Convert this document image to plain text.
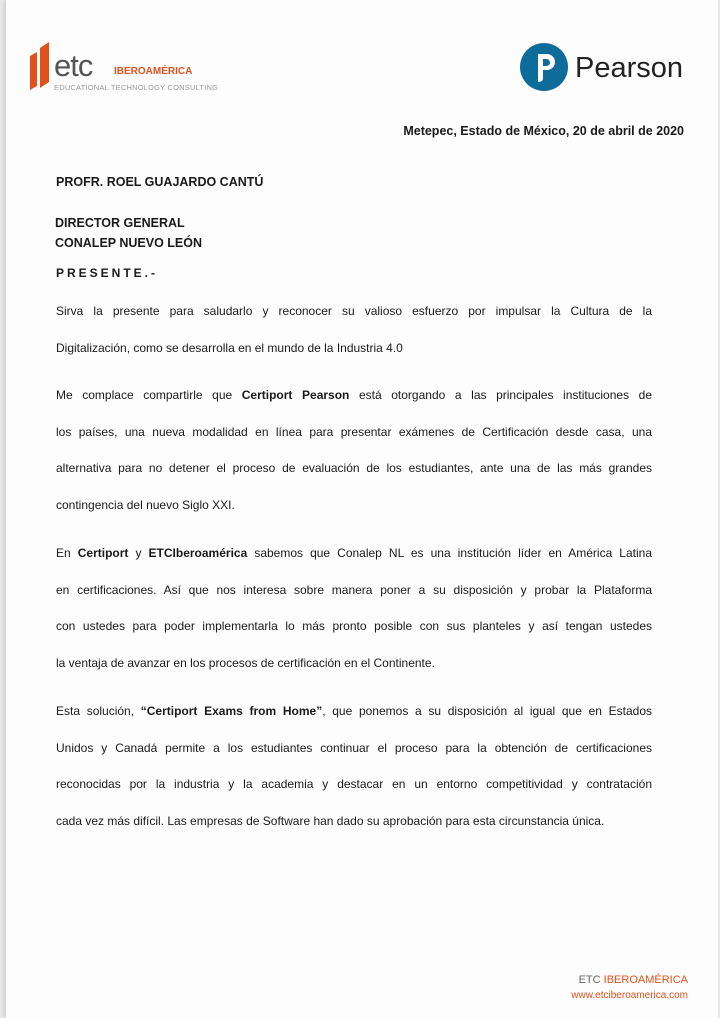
etc IBEROAMÉRICA
EDUCATIONAL TECHNOLOGY CONSULTING
Pearson
Metepec, Estado de México, 20 de abril de 2020
PROFR. ROEL GUAJARDO CANTÚ
DIRECTOR GENERAL
CONALEP NUEVO LEÓN
PRESENTE.-
Sirva la presente para saludarlo y reconocer su valioso esfuerzo por impulsar la Cultura de la
Digitalización, como se desarrolla en el mundo de la Industria 4.0
Me complace compartirle que Certiport Pearson está otorgando a las principales instituciones de
los países, una nueva modalidad en línea para presentar exámenes de Certificación desde casa, una
alternativa para no detener el proceso de evaluación de los estudiantes, ante una de las más grandes
contingencia del nuevo Siglo XXI.
En Certiport y ETCIberoamérica sabemos que Conalep NL es una institución líder en América Latina
en certificaciones. Así que nos interesa sobre manera poner a su disposición y probar la Plataforma
con ustedes para poder implementarla lo más pronto posible con sus planteles y así tengan ustedes
la ventaja de avanzar en los procesos de certificación en el Continente.
Esta solución, “Certiport Exams from Home”, que ponemos a su disposición al igual que en Estados
Unidos y Canadá permite a los estudiantes continuar el proceso para la obtención de certificaciones
reconocidas por la industria y la academia y destacar en un entorno competitividad y contratación
cada vez más difícil. Las empresas de Software han dado su aprobación para esta circunstancia única.
ETC IBEROAMÉRICA
www.etciberoamerica.com
